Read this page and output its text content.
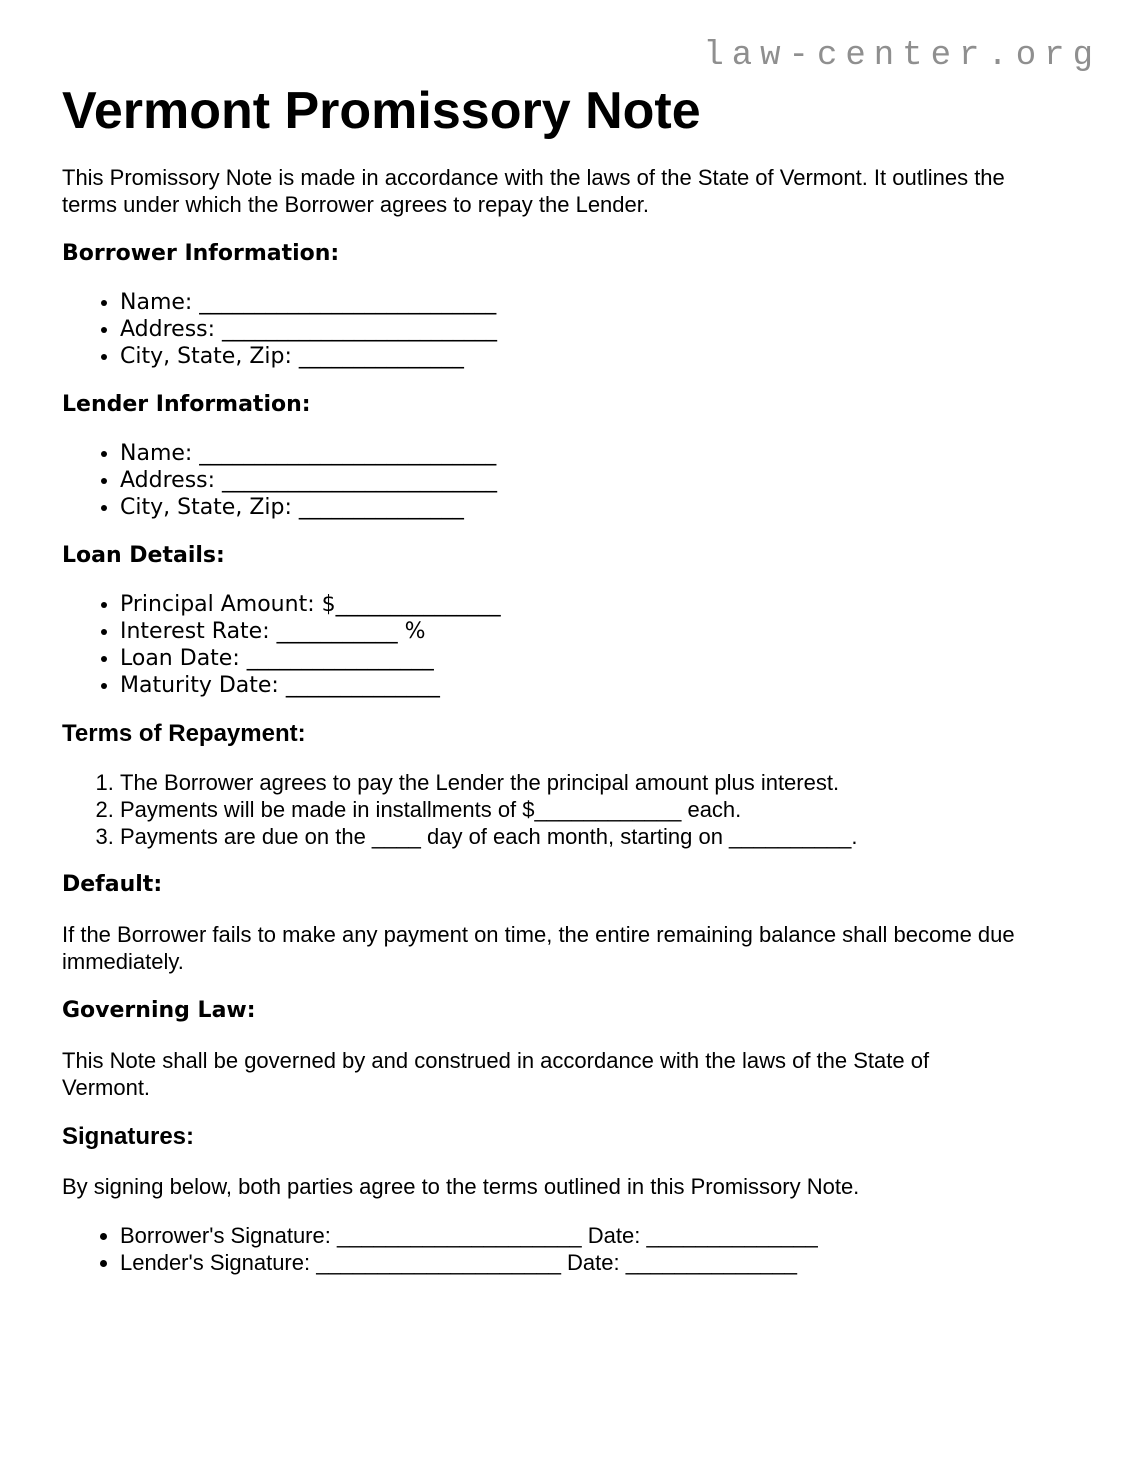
law-center.org
Vermont Promissory Note

This Promissory Note is made in accordance with the laws of the State of Vermont. It outlines the terms under which the Borrower agrees to repay the Lender.

Borrower Information:
• Name: ___________________________
• Address: _________________________
• City, State, Zip: _______________
Lender Information:
• Name: ___________________________
• Address: _________________________
• City, State, Zip: _______________
Loan Details:
• Principal Amount: $_______________
• Interest Rate: ___________ %
• Loan Date: _________________
• Maturity Date: ______________
Terms of Repayment:
1. The Borrower agrees to pay the Lender the principal amount plus interest.
2. Payments will be made in installments of $____________ each.
3. Payments are due on the ____ day of each month, starting on __________.
Default:

If the Borrower fails to make any payment on time, the entire remaining balance shall become due immediately.

Governing Law:

This Note shall be governed by and construed in accordance with the laws of the State of Vermont.

Signatures:

By signing below, both parties agree to the terms outlined in this Promissory Note.

• Borrower's Signature: ____________________ Date: ______________
• Lender's Signature: ____________________ Date: ______________
